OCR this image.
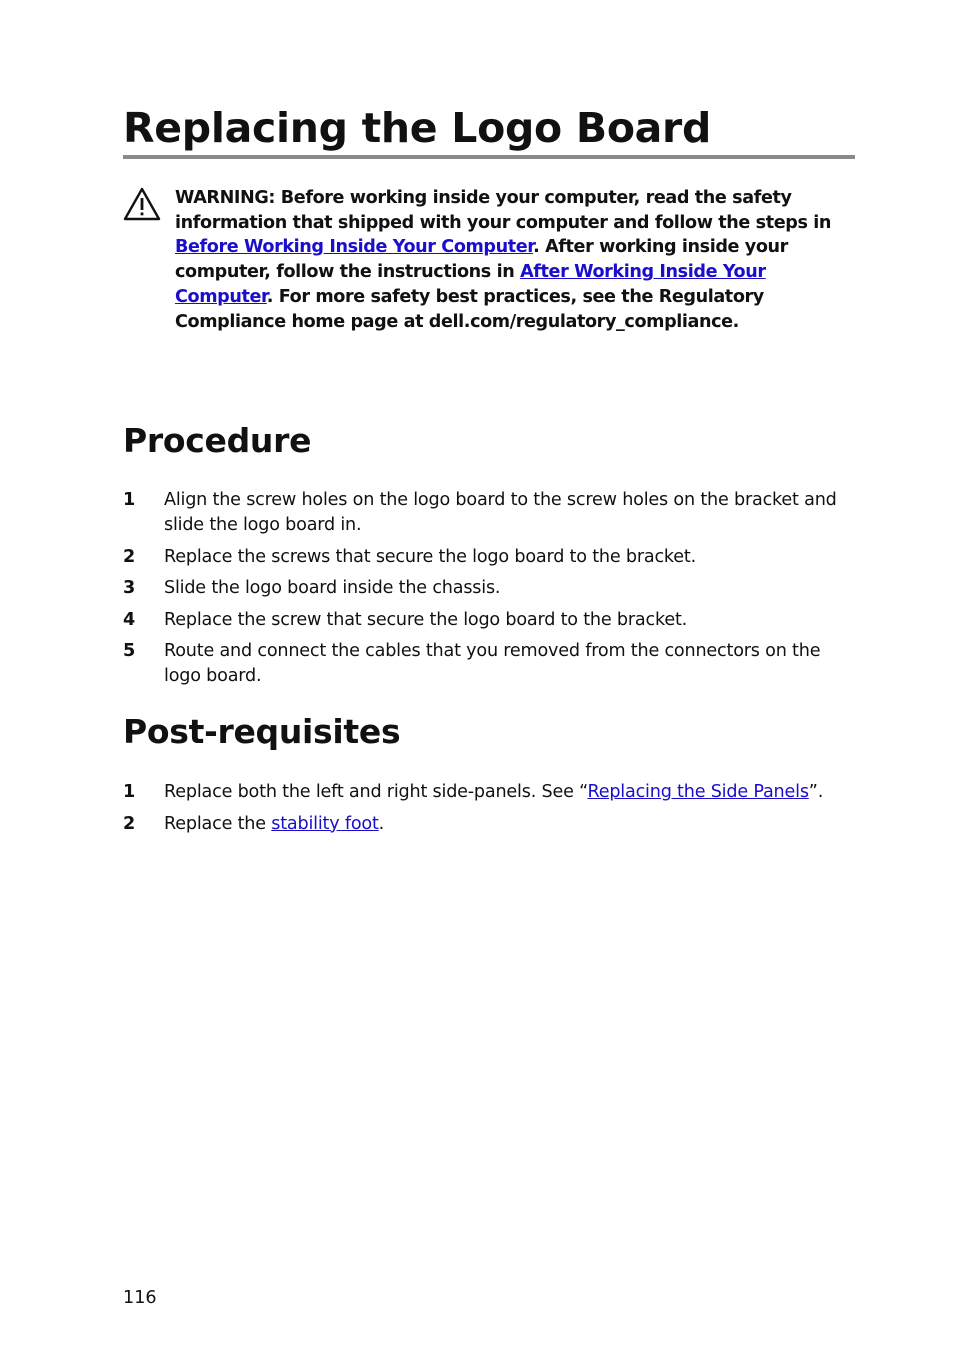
Replacing the Logo Board
WARNING: Before working inside your computer, read the safety information that shipped with your computer and follow the steps in Before Working Inside Your Computer. After working inside your computer, follow the instructions in After Working Inside Your Computer. For more safety best practices, see the Regulatory Compliance home page at dell.com/regulatory_compliance.
Procedure
1 Align the screw holes on the logo board to the screw holes on the bracket and slide the logo board in.
2 Replace the screws that secure the logo board to the bracket.
3 Slide the logo board inside the chassis.
4 Replace the screw that secure the logo board to the bracket.
5 Route and connect the cables that you removed from the connectors on the logo board.
Post-requisites
1 Replace both the left and right side-panels. See “Replacing the Side Panels”.
2 Replace the stability foot.
116
